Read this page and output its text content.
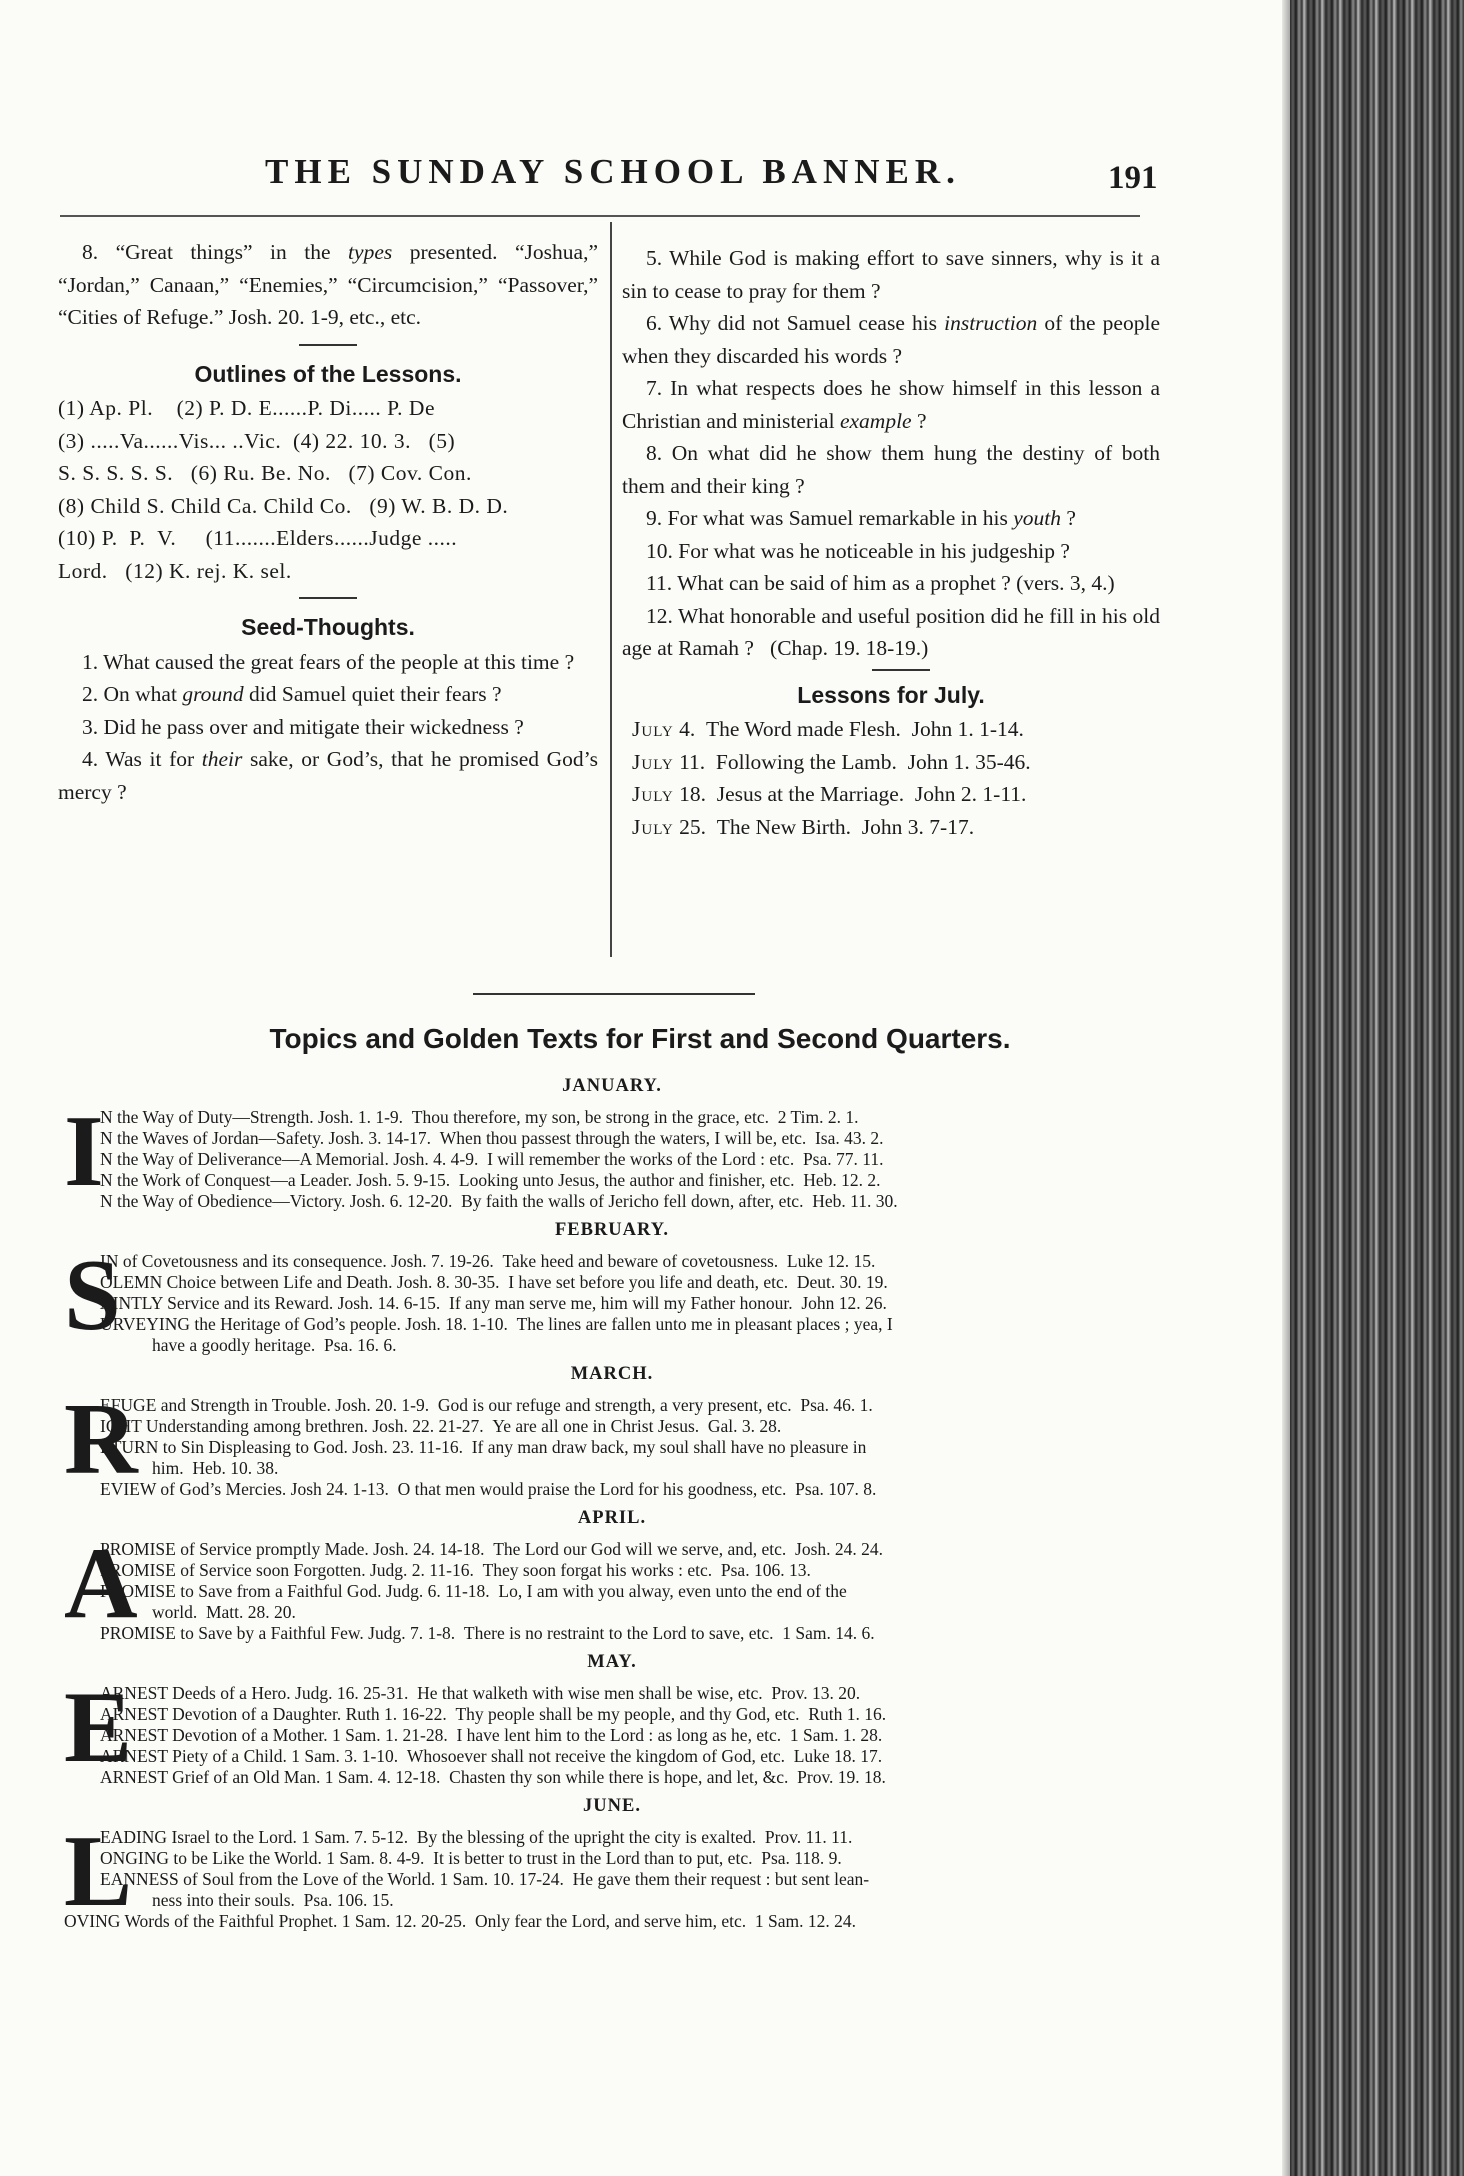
THE SUNDAY SCHOOL BANNER.	191

8. “Great things” in the types presented. “Joshua,” “Jordan,” Canaan,” “Enemies,” “Circumcision,” “Passover,” “Cities of Refuge.” Josh. 20. 1-9, etc., etc.

Outlines of the Lessons.
(1) Ap. Pl.    (2) P. D. E......P. Di..... P. De
(3) .....Va......Vis... ..Vic.  (4) 22. 10. 3.   (5)
S. S. S. S. S.   (6) Ru. Be. No.   (7) Cov. Con.
(8) Child S. Child Ca. Child Co.   (9) W. B. D. D.
(10) P.  P.  V.     (11.......Elders......Judge .....
Lord.   (12) K. rej. K. sel.
Seed-Thoughts.

1. What caused the great fears of the people at this time ?

2. On what ground did Samuel quiet their fears ?

3. Did he pass over and mitigate their wickedness ?

4. Was it for their sake, or God’s, that he promised God’s mercy ?

5. While God is making effort to save sinners, why is it a sin to cease to pray for them ?

6. Why did not Samuel cease his instruction of the people when they discarded his words ?

7. In what respects does he show himself in this lesson a Christian and ministerial example ?

8. On what did he show them hung the destiny of both them and their king ?

9. For what was Samuel remarkable in his youth ?

10. For what was he noticeable in his judgeship ?

11. What can be said of him as a prophet ? (vers. 3, 4.)

12. What honorable and useful position did he fill in his old age at Ramah ?   (Chap. 19. 18-19.)

Lessons for July.

July 4.  The Word made Flesh.  John 1. 1-14.

July 11.  Following the Lamb.  John 1. 35-46.

July 18.  Jesus at the Marriage.  John 2. 1-11.

July 25.  The New Birth.  John 3. 7-17.

Topics and Golden Texts for First and Second Quarters.
JANUARY.
I
N the Way of Duty—Strength. Josh. 1. 1-9.  Thou therefore, my son, be strong in the grace, etc.  2 Tim. 2. 1.
N the Waves of Jordan—Safety. Josh. 3. 14-17.  When thou passest through the waters, I will be, etc.  Isa. 43. 2.
N the Way of Deliverance—A Memorial. Josh. 4. 4-9.  I will remember the works of the Lord : etc.  Psa. 77. 11.
N the Work of Conquest—a Leader. Josh. 5. 9-15.  Looking unto Jesus, the author and finisher, etc.  Heb. 12. 2.
N the Way of Obedience—Victory. Josh. 6. 12-20.  By faith the walls of Jericho fell down, after, etc.  Heb. 11. 30.
FEBRUARY.
S
IN of Covetousness and its consequence. Josh. 7. 19-26.  Take heed and beware of covetousness.  Luke 12. 15.
OLEMN Choice between Life and Death. Josh. 8. 30-35.  I have set before you life and death, etc.  Deut. 30. 19.
AINTLY Service and its Reward. Josh. 14. 6-15.  If any man serve me, him will my Father honour.  John 12. 26.
URVEYING the Heritage of God’s people. Josh. 18. 1-10.  The lines are fallen unto me in pleasant places ; yea, I
have a goodly heritage.  Psa. 16. 6.
MARCH.
R
EFUGE and Strength in Trouble. Josh. 20. 1-9.  God is our refuge and strength, a very present, etc.  Psa. 46. 1.
IGHT Understanding among brethren. Josh. 22. 21-27.  Ye are all one in Christ Jesus.  Gal. 3. 28.
ETURN to Sin Displeasing to God. Josh. 23. 11-16.  If any man draw back, my soul shall have no pleasure in
him.  Heb. 10. 38.
EVIEW of God’s Mercies. Josh 24. 1-13.  O that men would praise the Lord for his goodness, etc.  Psa. 107. 8.
APRIL.
A
PROMISE of Service promptly Made. Josh. 24. 14-18.  The Lord our God will we serve, and, etc.  Josh. 24. 24.
PROMISE of Service soon Forgotten. Judg. 2. 11-16.  They soon forgat his works : etc.  Psa. 106. 13.
PROMISE to Save from a Faithful God. Judg. 6. 11-18.  Lo, I am with you alway, even unto the end of the
world.  Matt. 28. 20.
PROMISE to Save by a Faithful Few. Judg. 7. 1-8.  There is no restraint to the Lord to save, etc.  1 Sam. 14. 6.
MAY.
E
ARNEST Deeds of a Hero. Judg. 16. 25-31.  He that walketh with wise men shall be wise, etc.  Prov. 13. 20.
ARNEST Devotion of a Daughter. Ruth 1. 16-22.  Thy people shall be my people, and thy God, etc.  Ruth 1. 16.
ARNEST Devotion of a Mother. 1 Sam. 1. 21-28.  I have lent him to the Lord : as long as he, etc.  1 Sam. 1. 28.
ARNEST Piety of a Child. 1 Sam. 3. 1-10.  Whosoever shall not receive the kingdom of God, etc.  Luke 18. 17.
ARNEST Grief of an Old Man. 1 Sam. 4. 12-18.  Chasten thy son while there is hope, and let, &c.  Prov. 19. 18.
JUNE.
L
EADING Israel to the Lord. 1 Sam. 7. 5-12.  By the blessing of the upright the city is exalted.  Prov. 11. 11.
ONGING to be Like the World. 1 Sam. 8. 4-9.  It is better to trust in the Lord than to put, etc.  Psa. 118. 9.
EANNESS of Soul from the Love of the World. 1 Sam. 10. 17-24.  He gave them their request : but sent lean-
ness into their souls.  Psa. 106. 15.
OVING Words of the Faithful Prophet. 1 Sam. 12. 20-25.  Only fear the Lord, and serve him, etc.  1 Sam. 12. 24.
